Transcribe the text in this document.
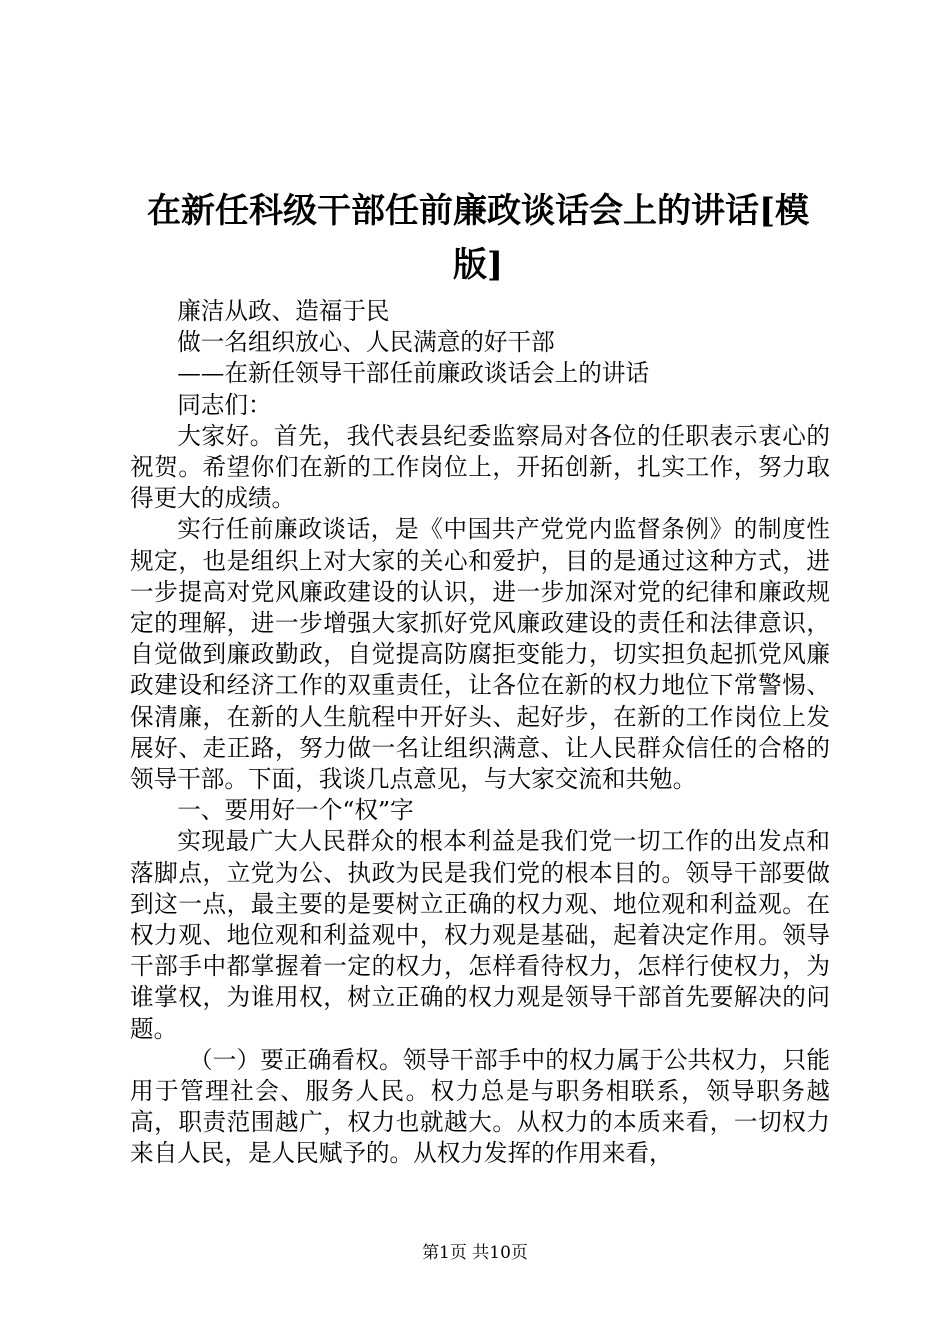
在新任科级干部任前廉政谈话会上的讲话[模版]

廉洁从政、造福于民

做一名组织放心、人民满意的好干部

——在新任领导干部任前廉政谈话会上的讲话

同志们：

大家好。首先，我代表县纪委监察局对各位的任职表示衷心的祝贺。希望你们在新的工作岗位上，开拓创新，扎实工作，努力取得更大的成绩。

实行任前廉政谈话，是《中国共产党党内监督条例》的制度性规定，也是组织上对大家的关心和爱护，目的是通过这种方式，进一步提高对党风廉政建设的认识，进一步加深对党的纪律和廉政规定的理解，进一步增强大家抓好党风廉政建设的责任和法律意识，自觉做到廉政勤政，自觉提高防腐拒变能力，切实担负起抓党风廉政建设和经济工作的双重责任，让各位在新的权力地位下常警惕、保清廉，在新的人生航程中开好头、起好步，在新的工作岗位上发展好、走正路，努力做一名让组织满意、让人民群众信任的合格的领导干部。下面，我谈几点意见，与大家交流和共勉。

一、要用好一个“权”字

实现最广大人民群众的根本利益是我们党一切工作的出发点和落脚点，立党为公、执政为民是我们党的根本目的。领导干部要做到这一点，最主要的是要树立正确的权力观、地位观和利益观。在权力观、地位观和利益观中，权力观是基础，起着决定作用。领导干部手中都掌握着一定的权力，怎样看待权力，怎样行使权力，为谁掌权，为谁用权，树立正确的权力观是领导干部首先要解决的问题。

（一）要正确看权。领导干部手中的权力属于公共权力，只能用于管理社会、服务人民。权力总是与职务相联系，领导职务越高，职责范围越广，权力也就越大。从权力的本质来看，一切权力来自人民，是人民赋予的。从权力发挥的作用来看，

第1页 共10页
